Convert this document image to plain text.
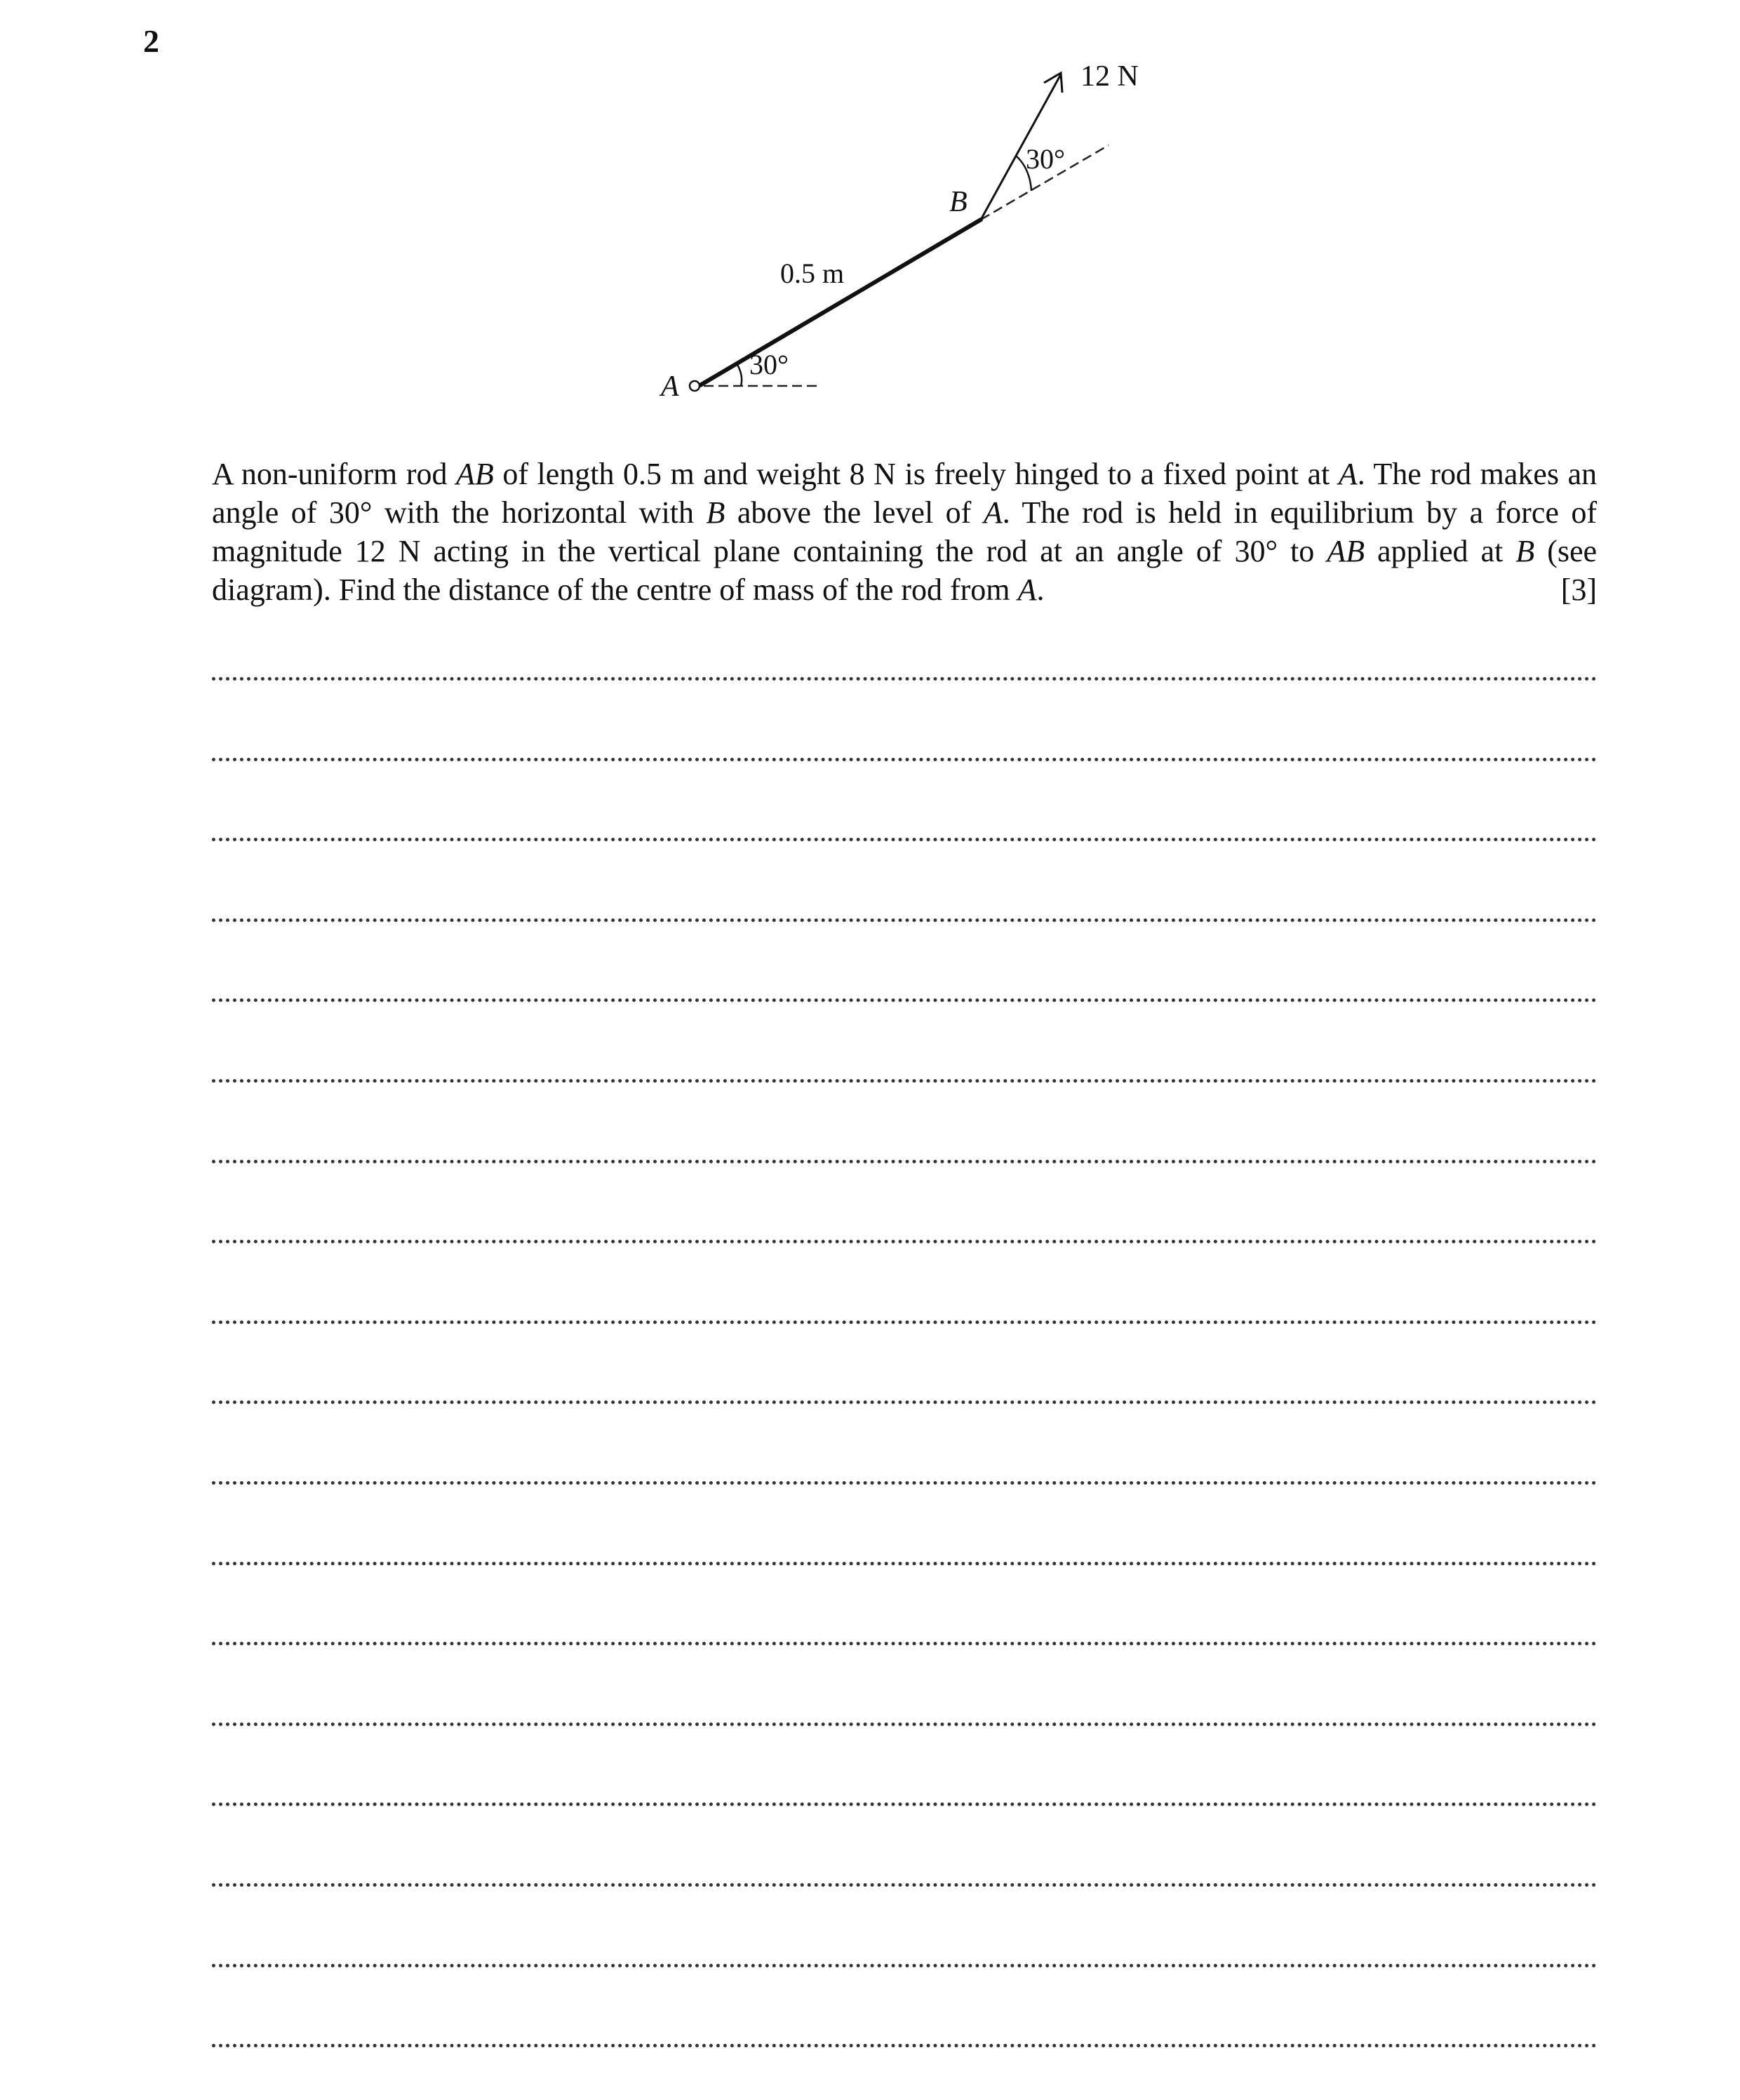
2
12 N
30°
B
0.5 m
30°
A
A non-uniform rod AB of length 0.5 m and weight 8 N is freely hinged to a fixed point at A. The rod makes an angle of 30° with the horizontal with B above the level of A. The rod is held in equilibrium by a force of magnitude 12 N acting in the vertical plane containing the rod at an angle of 30° to AB applied at B (see diagram). Find the distance of the centre of mass of the rod from A.	[3]
